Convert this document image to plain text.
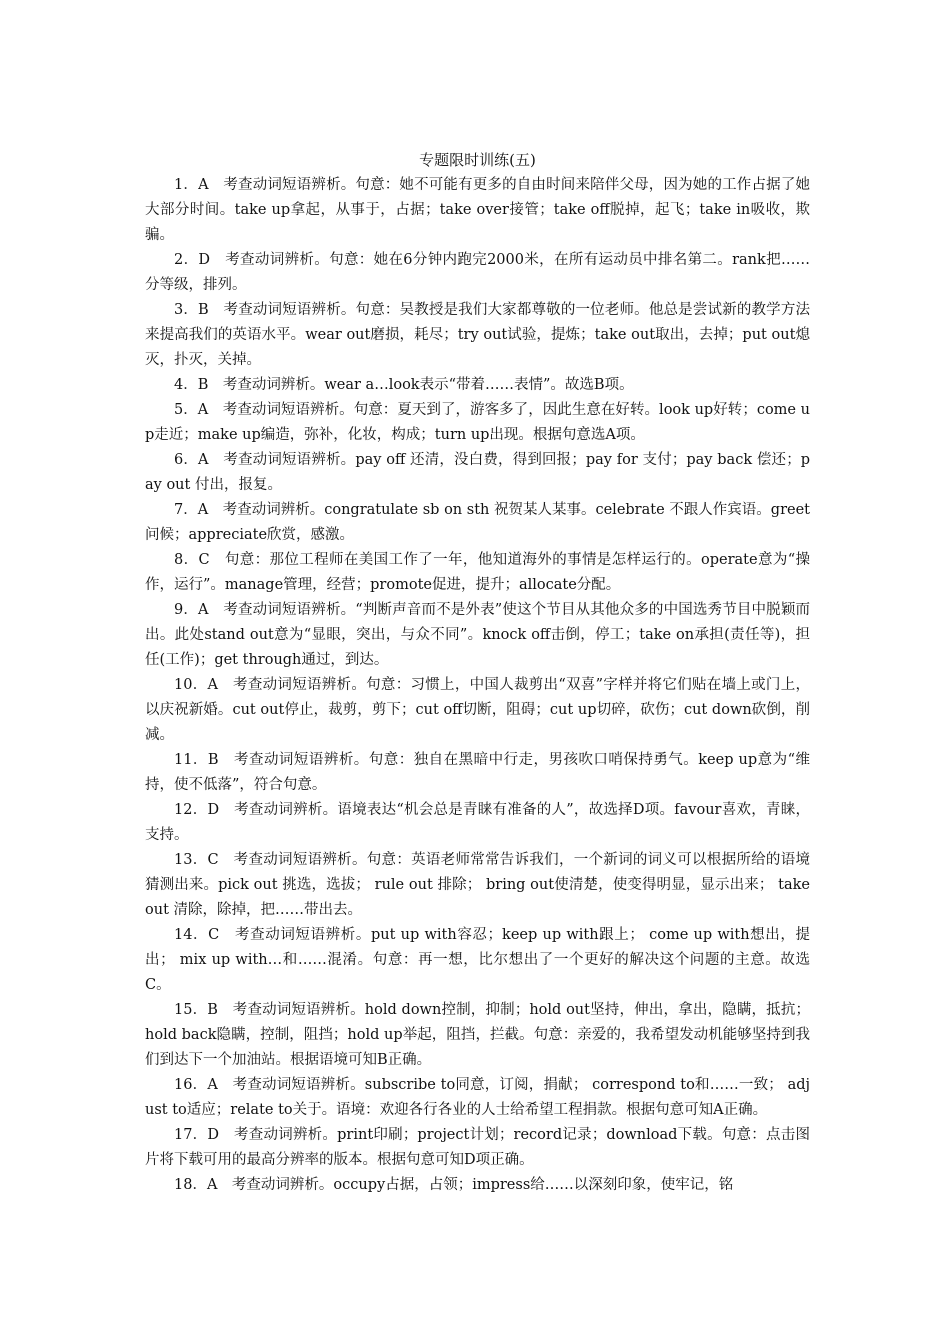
专题限时训练(五)

1．A　考查动词短语辨析。句意：她不可能有更多的自由时间来陪伴父母，因为她的工作占据了她大部分时间。take up拿起，从事于，占据；take over接管；take off脱掉，起飞；take in吸收，欺骗。

2．D　考查动词辨析。句意：她在6分钟内跑完2000米，在所有运动员中排名第二。rank把……分等级，排列。

3．B　考查动词短语辨析。句意：吴教授是我们大家都尊敬的一位老师。他总是尝试新的教学方法来提高我们的英语水平。wear out磨损，耗尽；try out试验，提炼；take out取出，去掉；put out熄灭，扑灭，关掉。

4．B　考查动词辨析。wear a…look表示“带着……表情”。故选B项。

5．A　考查动词短语辨析。句意：夏天到了，游客多了，因此生意在好转。look up好转；come up走近；make up编造，弥补，化妆，构成；turn up出现。根据句意选A项。

6．A　考查动词短语辨析。pay off 还清，没白费，得到回报；pay for 支付；pay back 偿还；pay out 付出，报复。

7．A　考查动词辨析。congratulate sb on sth 祝贺某人某事。celebrate 不跟人作宾语。greet 问候；appreciate欣赏，感激。

8．C　句意：那位工程师在美国工作了一年，他知道海外的事情是怎样运行的。operate意为“操作，运行”。manage管理，经营；promote促进，提升；allocate分配。

9．A　考查动词短语辨析。“判断声音而不是外表”使这个节目从其他众多的中国选秀节目中脱颖而出。此处stand out意为“显眼，突出，与众不同”。knock off击倒，停工；take on承担(责任等)，担任(工作)；get through通过，到达。

10．A　考查动词短语辨析。句意：习惯上，中国人裁剪出“双喜”字样并将它们贴在墙上或门上，以庆祝新婚。cut out停止，裁剪，剪下；cut off切断，阻碍；cut up切碎，砍伤；cut down砍倒，削减。

11．B　考查动词短语辨析。句意：独自在黑暗中行走，男孩吹口哨保持勇气。keep up意为“维持，使不低落”，符合句意。

12．D　考查动词辨析。语境表达“机会总是青睐有准备的人”，故选择D项。favour喜欢，青睐，支持。

13．C　考查动词短语辨析。句意：英语老师常常告诉我们，一个新词的词义可以根据所给的语境猜测出来。pick out 挑选，选拔； rule out 排除； bring out使清楚，使变得明显，显示出来； take out 清除，除掉，把……带出去。

14．C　考查动词短语辨析。put up with容忍；keep up with跟上； come up with想出，提出； mix up with…和……混淆。句意：再一想，比尔想出了一个更好的解决这个问题的主意。故选C。

15．B　考查动词短语辨析。hold down控制，抑制；hold out坚持，伸出，拿出，隐瞒，抵抗；hold back隐瞒，控制，阻挡；hold up举起，阻挡，拦截。句意：亲爱的，我希望发动机能够坚持到我们到达下一个加油站。根据语境可知B正确。

16．A　考查动词短语辨析。subscribe to同意，订阅，捐献； correspond to和……一致； adjust to适应；relate to关于。语境：欢迎各行各业的人士给希望工程捐款。根据句意可知A正确。

17．D　考查动词辨析。print印刷；project计划；record记录；download下载。句意：点击图片将下载可用的最高分辨率的版本。根据句意可知D项正确。

18．A　考查动词辨析。occupy占据，占领；impress给……以深刻印象，使牢记，铭
